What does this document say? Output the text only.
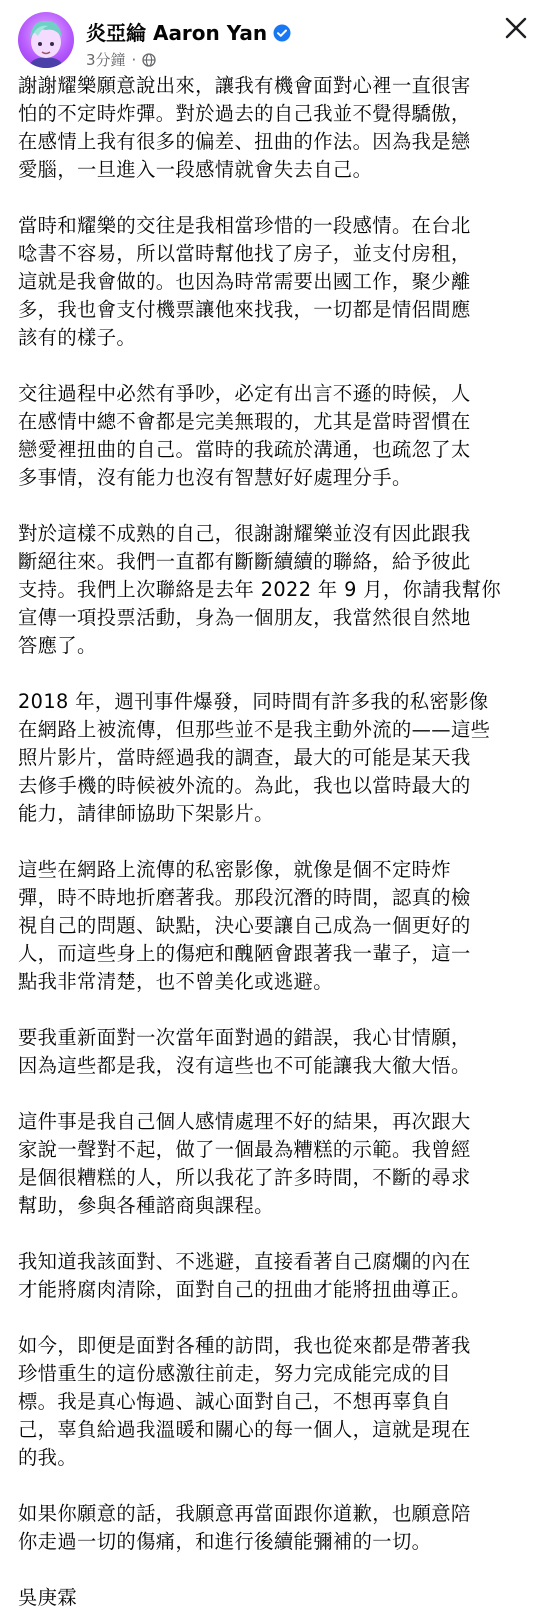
炎亞綸 Aaron Yan
3分鐘 ·

謝謝耀樂願意說出來，讓我有機會面對心裡一直很害
怕的不定時炸彈。對於過去的自己我並不覺得驕傲，
在感情上我有很多的偏差、扭曲的作法。因為我是戀
愛腦，一旦進入一段感情就會失去自己。

當時和耀樂的交往是我相當珍惜的一段感情。在台北
唸書不容易，所以當時幫他找了房子，並支付房租，
這就是我會做的。也因為時常需要出國工作，聚少離
多，我也會支付機票讓他來找我，一切都是情侶間應
該有的樣子。

交往過程中必然有爭吵，必定有出言不遜的時候，人
在感情中總不會都是完美無瑕的，尤其是當時習慣在
戀愛裡扭曲的自己。當時的我疏於溝通，也疏忽了太
多事情，沒有能力也沒有智慧好好處理分手。

對於這樣不成熟的自己，很謝謝耀樂並沒有因此跟我
斷絕往來。我們一直都有斷斷續續的聯絡，給予彼此
支持。我們上次聯絡是去年 2022 年 9 月，你請我幫你
宣傳一項投票活動，身為一個朋友，我當然很自然地
答應了。

2018 年，週刊事件爆發，同時間有許多我的私密影像
在網路上被流傳，但那些並不是我主動外流的——這些
照片影片，當時經過我的調查，最大的可能是某天我
去修手機的時候被外流的。為此，我也以當時最大的
能力，請律師協助下架影片。

這些在網路上流傳的私密影像，就像是個不定時炸
彈，時不時地折磨著我。那段沉潛的時間，認真的檢
視自己的問題、缺點，決心要讓自己成為一個更好的
人，而這些身上的傷疤和醜陋會跟著我一輩子，這一
點我非常清楚，也不曾美化或逃避。

要我重新面對一次當年面對過的錯誤，我心甘情願，
因為這些都是我，沒有這些也不可能讓我大徹大悟。

這件事是我自己個人感情處理不好的結果，再次跟大
家說一聲對不起，做了一個最為糟糕的示範。我曾經
是個很糟糕的人，所以我花了許多時間，不斷的尋求
幫助，參與各種諮商與課程。

我知道我該面對、不逃避，直接看著自己腐爛的內在
才能將腐肉清除，面對自己的扭曲才能將扭曲導正。

如今，即便是面對各種的訪問，我也從來都是帶著我
珍惜重生的這份感激往前走，努力完成能完成的目
標。我是真心悔過、誠心面對自己，不想再辜負自
己，辜負給過我溫暖和關心的每一個人，這就是現在
的我。

如果你願意的話，我願意再當面跟你道歉，也願意陪
你走過一切的傷痛，和進行後續能彌補的一切。

吳庚霖
